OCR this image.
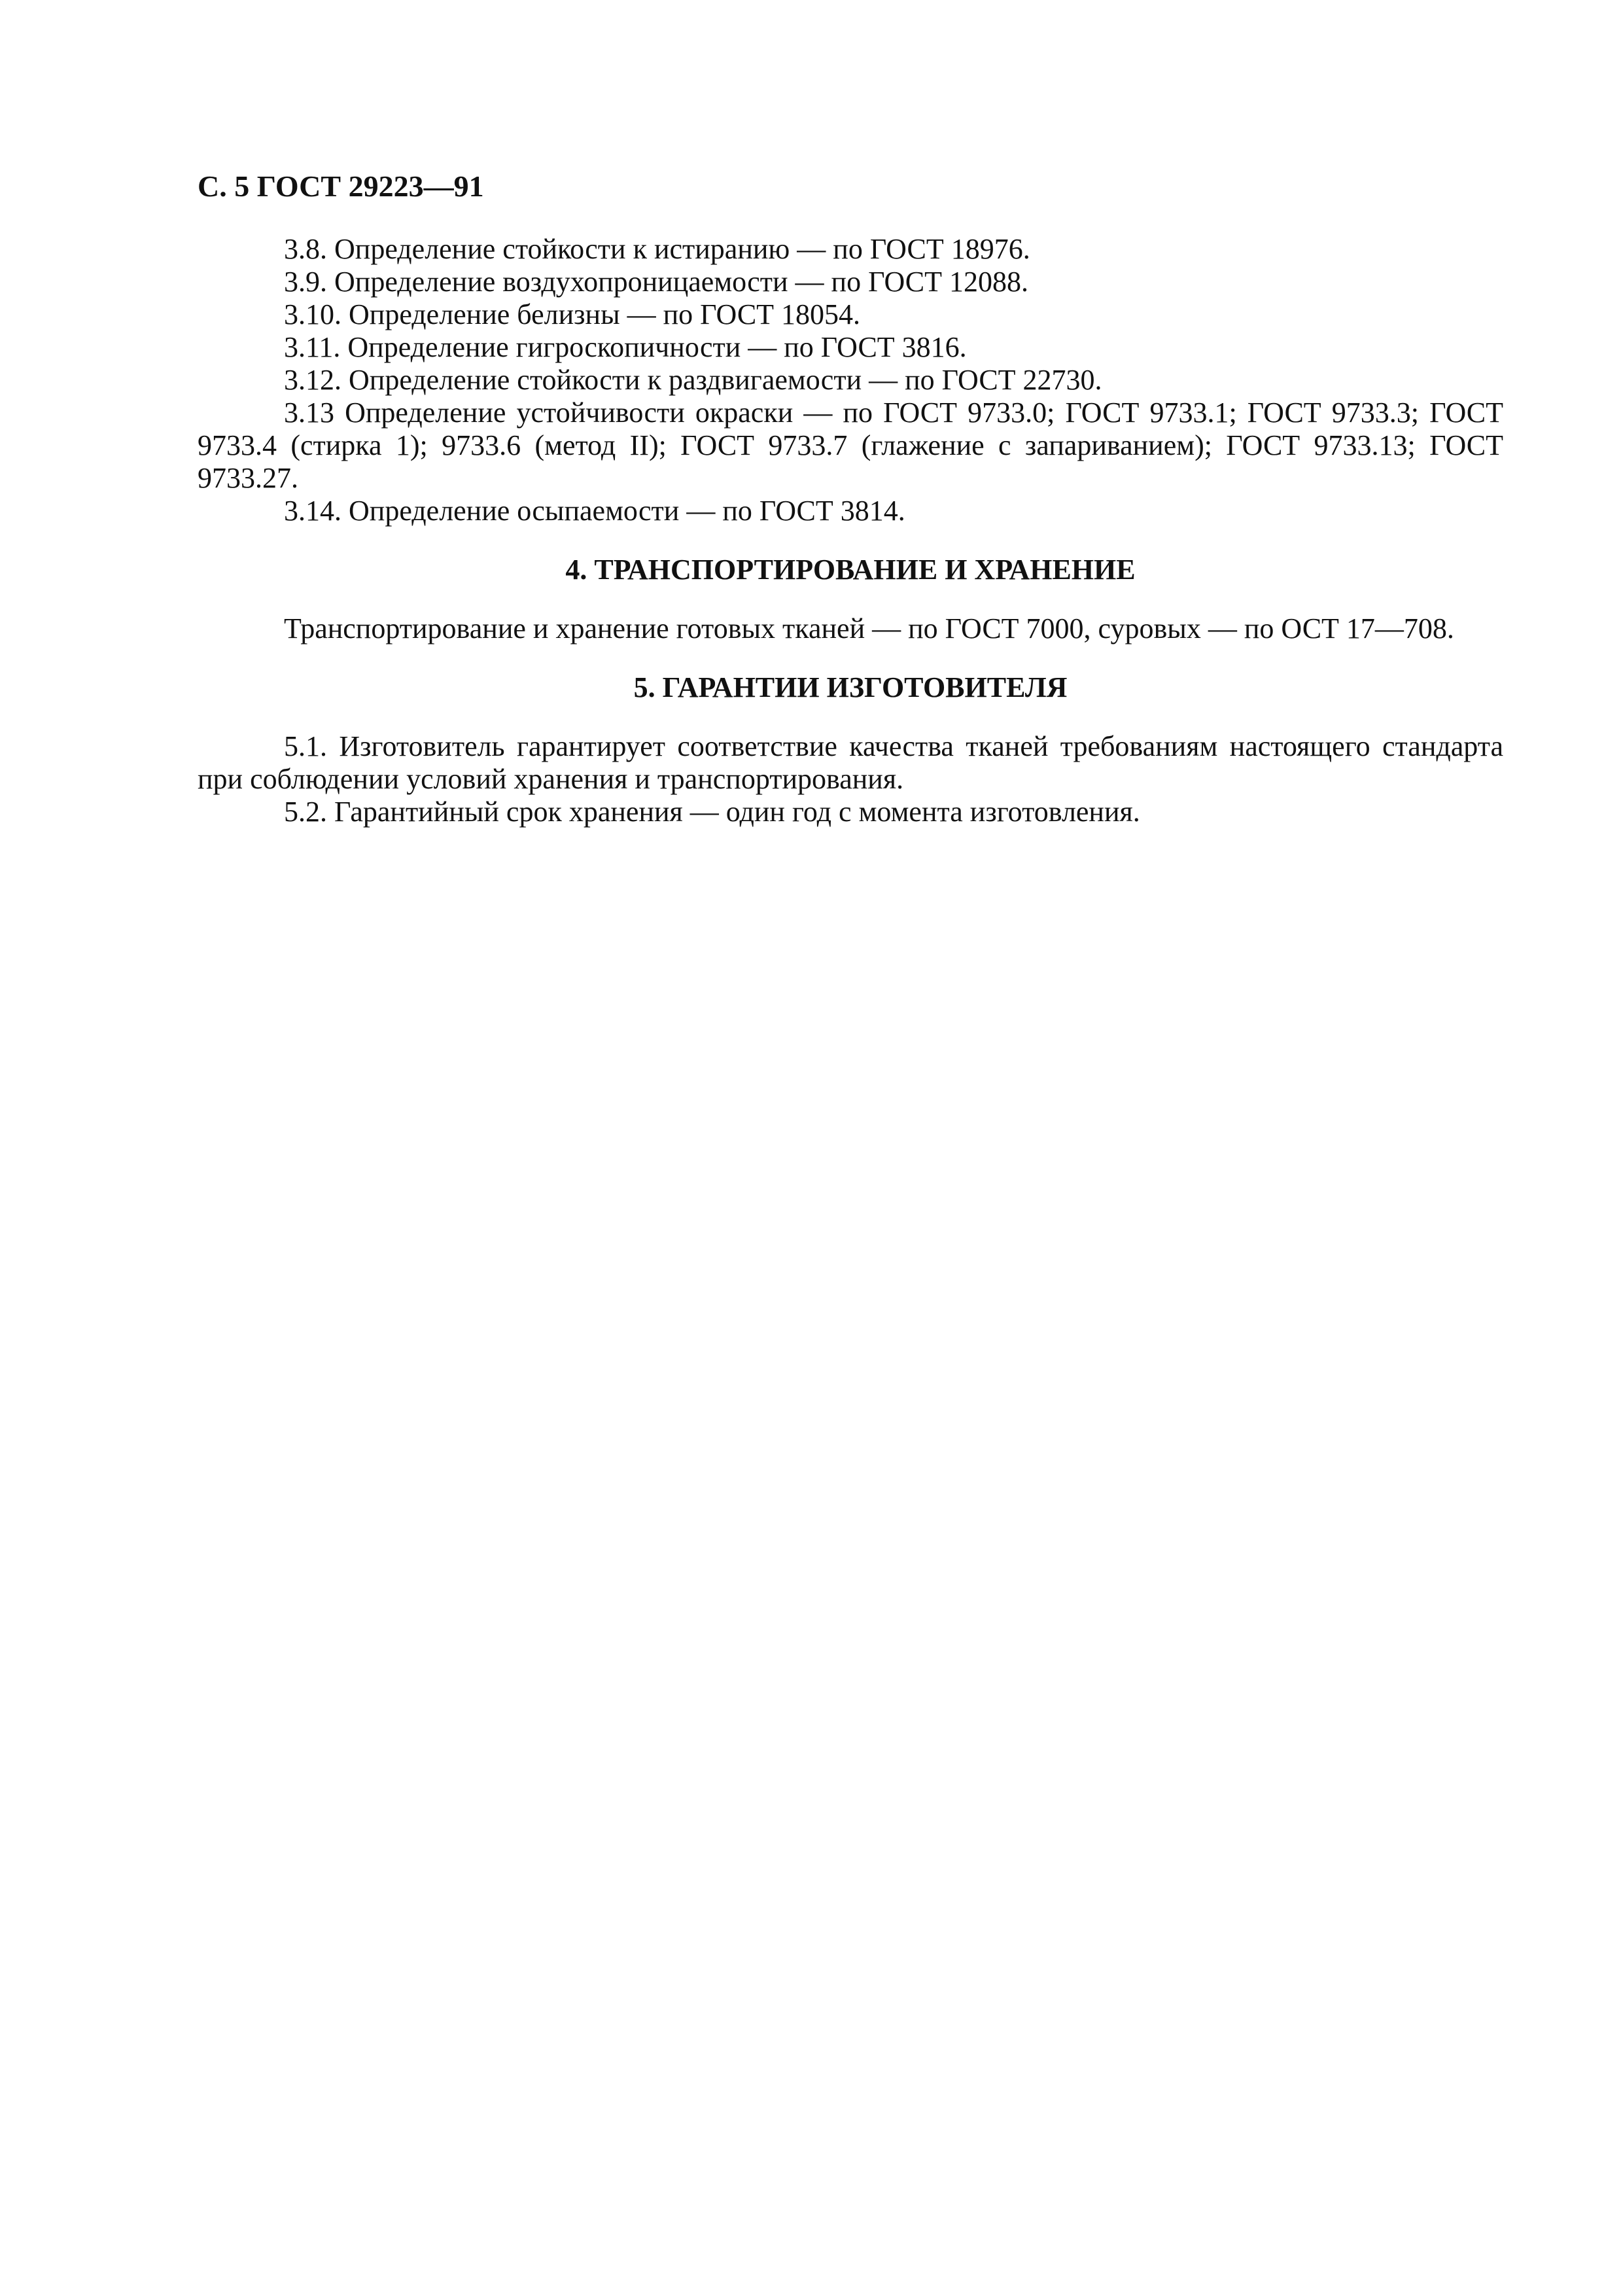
С. 5 ГОСТ 29223—91

3.8. Определение стойкости к истиранию — по ГОСТ 18976.

3.9. Определение воздухопроницаемости — по ГОСТ 12088.

3.10. Определение белизны — по ГОСТ 18054.

3.11. Определение гигроскопичности — по ГОСТ 3816.

3.12. Определение стойкости к раздвигаемости — по ГОСТ 22730.

3.13 Определение устойчивости окраски — по ГОСТ 9733.0; ГОСТ 9733.1; ГОСТ 9733.3; ГОСТ 9733.4 (стирка 1); 9733.6 (метод II); ГОСТ 9733.7 (глажение с запариванием); ГОСТ 9733.13; ГОСТ 9733.27.

3.14. Определение осыпаемости — по ГОСТ 3814.

4. ТРАНСПОРТИРОВАНИЕ И ХРАНЕНИЕ

Транспортирование и хранение готовых тканей — по ГОСТ 7000, суровых — по ОСТ 17—708.

5. ГАРАНТИИ ИЗГОТОВИТЕЛЯ

5.1. Изготовитель гарантирует соответствие качества тканей требованиям настоящего стандарта при соблюдении условий хранения и транспортирования.

5.2. Гарантийный срок хранения — один год с момента изготовления.
